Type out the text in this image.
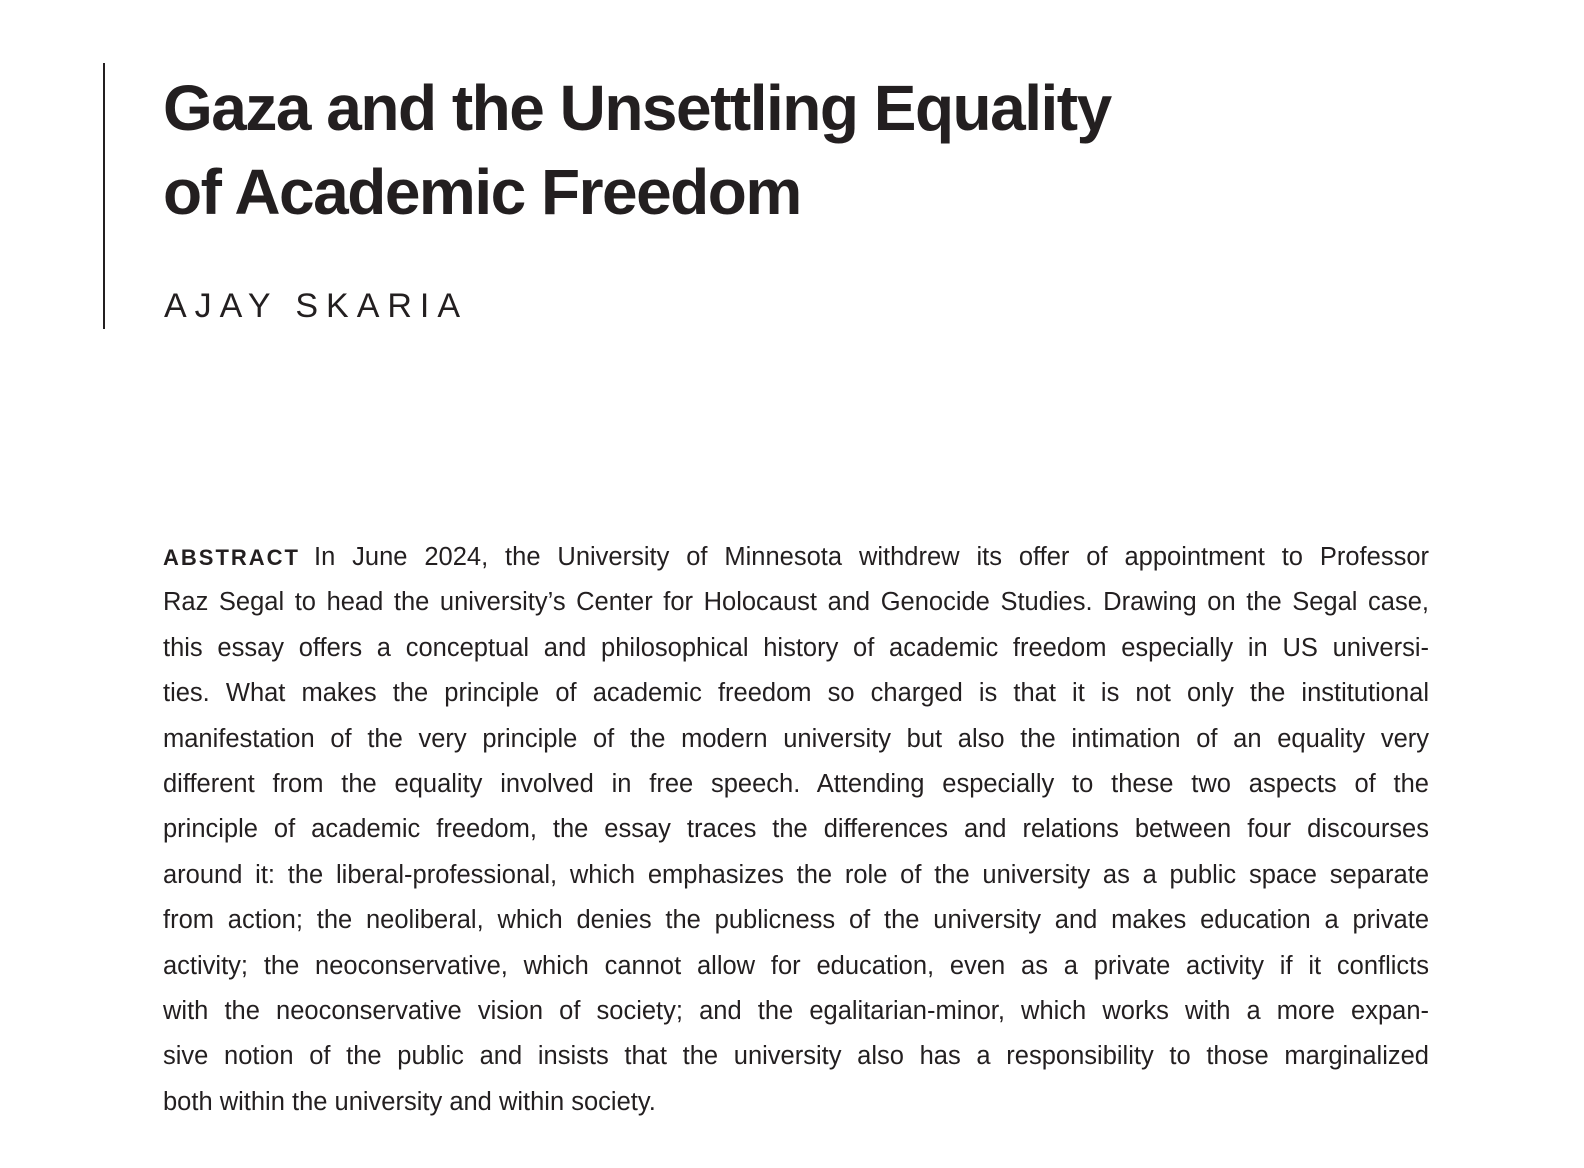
Gaza and the Unsettling Equality
of Academic Freedom
AJAY SKARIA
ABSTRACT In June 2024, the University of Minnesota withdrew its offer of appointment to Professor
Raz Segal to head the university’s Center for Holocaust and Genocide Studies. Drawing on the Segal case,
this essay offers a conceptual and philosophical history of academic freedom especially in US universi-
ties. What makes the principle of academic freedom so charged is that it is not only the institutional
manifestation of the very principle of the modern university but also the intimation of an equality very
different from the equality involved in free speech. Attending especially to these two aspects of the
principle of academic freedom, the essay traces the differences and relations between four discourses
around it: the liberal-professional, which emphasizes the role of the university as a public space separate
from action; the neoliberal, which denies the publicness of the university and makes education a private
activity; the neoconservative, which cannot allow for education, even as a private activity if it conflicts
with the neoconservative vision of society; and the egalitarian-minor, which works with a more expan-
sive notion of the public and insists that the university also has a responsibility to those marginalized
both within the university and within society.
